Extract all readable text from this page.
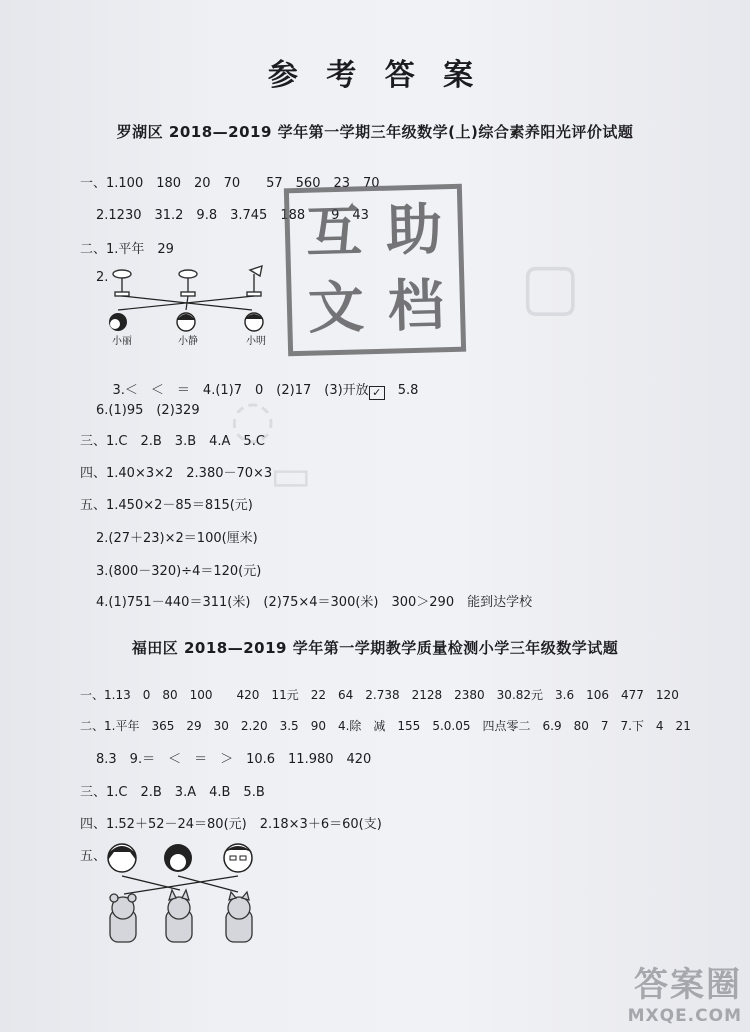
▢
◌
▭
参 考 答 案
罗湖区 2018—2019 学年第一学期三年级数学(上)综合素养阳光评价试题
一、1.100　180　20　70　　57　560　23　70
2.1230　31.2　9.8　3.745　188　　9　43
二、1.平年　29
2.
小丽	小静	小明

3.＜　＜　＝　4.(1)7　0　(2)17　(3)开放 ✓　 5.8

6.(1)95　(2)329
三、1.C　2.B　3.B　4.A　5.C
四、1.40×3×2　2.380－70×3
五、1.450×2－85＝815(元)
2.(27＋23)×2＝100(厘米)
3.(800－320)÷4＝120(元)
4.(1)751－440＝311(米)　(2)75×4＝300(米)　300＞290　能到达学校
互 助
文 档
福田区 2018—2019 学年第一学期教学质量检测小学三年级数学试题
一、1.13　0　80　100　　420　11元　22　64　2.738　2128　2380　30.82元　3.6　106　477　120
二、1.平年　365　29　30　2.20　3.5　90　4.除　减　155　5.0.05　四点零二　6.9　80　7　7.下　4　21
8.3　9.＝　＜　＝　＞　10.6　11.980　420
三、1.C　2.B　3.A　4.B　5.B
四、1.52＋52－24＝80(元)　2.18×3＋6＝60(支)
五、
答案圈
MXQE.COM
